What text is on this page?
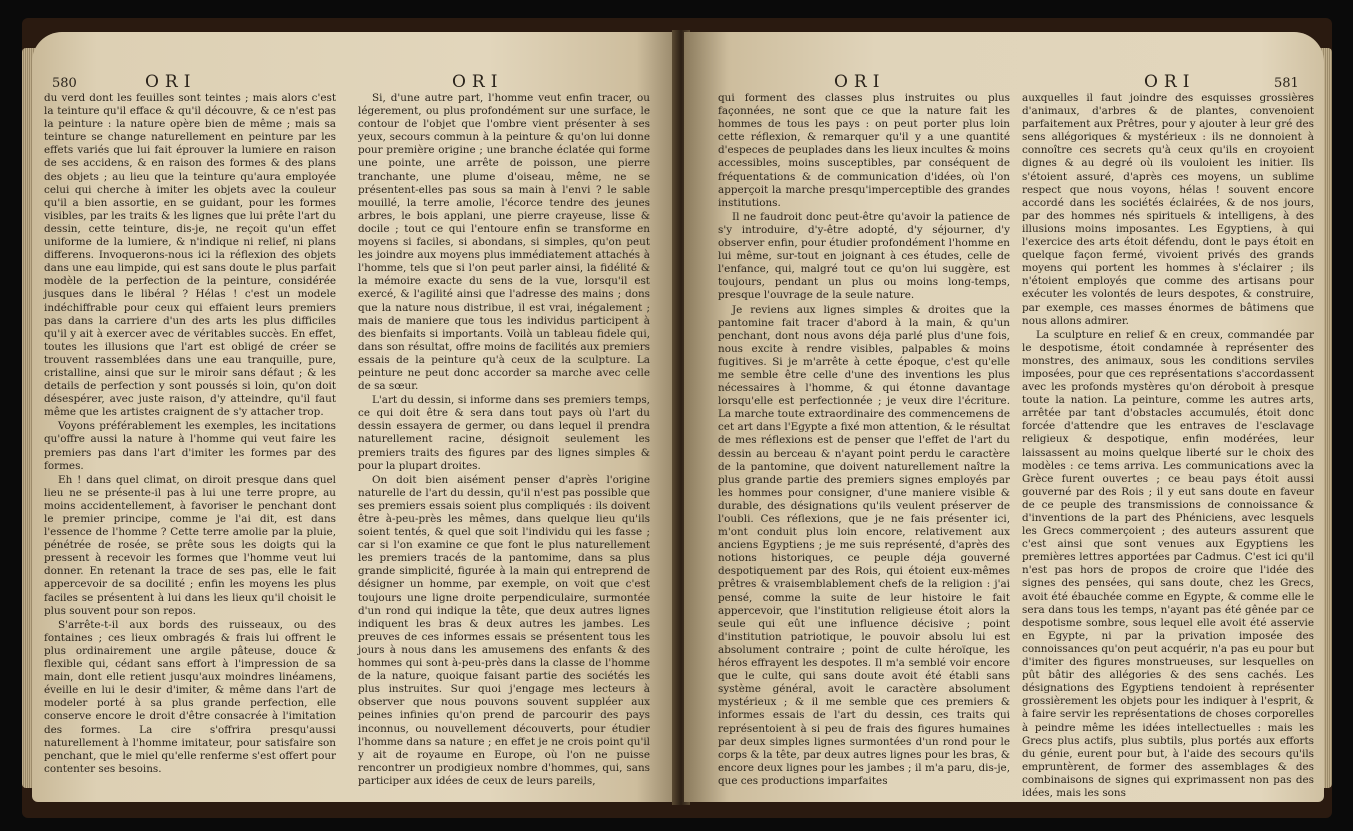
580	ORI	ORI

du verd dont les feuilles sont teintes ; mais alors c'est la teinture qu'il efface & qu'il découvre, & ce n'est pas la peinture : la nature opère bien de même ; mais sa teinture se change naturellement en peinture par les effets variés que lui fait éprouver la lumiere en raison de ses accidens, & en raison des formes & des plans des objets ; au lieu que la teinture qu'aura employée celui qui cherche à imiter les objets avec la couleur qu'il a bien assortie, en se guidant, pour les formes visibles, par les traits & les lignes que lui prête l'art du dessin, cette teinture, dis-je, ne reçoit qu'un effet uniforme de la lumiere, & n'indique ni relief, ni plans differens. Invoquerons-nous ici la réflexion des objets dans une eau limpide, qui est sans doute le plus parfait modèle de la perfection de la peinture, considérée jusques dans le libéral ? Hélas ! c'est un modele indéchiffrable pour ceux qui effaient leurs premiers pas dans la carriere d'un des arts les plus difficiles qu'il y ait à exercer avec de véritables succès. En effet, toutes les illusions que l'art est obligé de créer se trouvent rassemblées dans une eau tranquille, pure, cristalline, ainsi que sur le miroir sans défaut ; & les details de perfection y sont poussés si loin, qu'on doit désespérer, avec juste raison, d'y atteindre, qu'il faut même que les artistes craignent de s'y attacher trop.

Voyons préférablement les exemples, les incitations qu'offre aussi la nature à l'homme qui veut faire les premiers pas dans l'art d'imiter les formes par des formes.

Eh ! dans quel climat, on diroit presque dans quel lieu ne se présente-il pas à lui une terre propre, au moins accidentellement, à favoriser le penchant dont le premier principe, comme je l'ai dit, est dans l'essence de l'homme ? Cette terre amolie par la pluie, pénétrée de rosée, se prête sous les doigts qui la pressent à recevoir les formes que l'homme veut lui donner. En retenant la trace de ses pas, elle le fait appercevoir de sa docilité ; enfin les moyens les plus faciles se présentent à lui dans les lieux qu'il choisit le plus souvent pour son repos.

S'arrête-t-il aux bords des ruisseaux, ou des fontaines ; ces lieux ombragés & frais lui offrent le plus ordinairement une argile pâteuse, douce & flexible qui, cédant sans effort à l'impression de sa main, dont elle retient jusqu'aux moindres linéamens, éveille en lui le desir d'imiter, & même dans l'art de modeler porté à sa plus grande perfection, elle conserve encore le droit d'être consacrée à l'imitation des formes. La cire s'offrira presqu'aussi naturellement à l'homme imitateur, pour satisfaire son penchant, que le miel qu'elle renferme s'est offert pour contenter ses besoins.

Si, d'une autre part, l'homme veut enfin tracer, ou légerement, ou plus profondément sur une surface, le contour de l'objet que l'ombre vient présenter à ses yeux, secours commun à la peinture & qu'on lui donne pour première origine ; une branche éclatée qui forme une pointe, une arrête de poisson, une pierre tranchante, une plume d'oiseau, même, ne se présentent-elles pas sous sa main à l'envi ? le sable mouillé, la terre amolie, l'écorce tendre des jeunes arbres, le bois applani, une pierre crayeuse, lisse & docile ; tout ce qui l'entoure enfin se transforme en moyens si faciles, si abondans, si simples, qu'on peut les joindre aux moyens plus immédiatement attachés à l'homme, tels que si l'on peut parler ainsi, la fidélité & la mémoire exacte du sens de la vue, lorsqu'il est exercé, & l'agilité ainsi que l'adresse des mains ; dons que la nature nous distribue, il est vrai, inégalement ; mais de maniere que tous les individus participent à des bienfaits si importants. Voilà un tableau fidele qui, dans son résultat, offre moins de facilités aux premiers essais de la peinture qu'à ceux de la sculpture. La peinture ne peut donc accorder sa marche avec celle de sa sœur.

L'art du dessin, si informe dans ses premiers temps, ce qui doit être & sera dans tout pays où l'art du dessin essayera de germer, ou dans lequel il prendra naturellement racine, désignoit seulement les premiers traits des figures par des lignes simples & pour la plupart droites.

On doit bien aisément penser d'après l'origine naturelle de l'art du dessin, qu'il n'est pas possible que ses premiers essais soient plus compliqués : ils doivent être à-peu-près les mêmes, dans quelque lieu qu'ils soient tentés, & quel que soit l'individu qui les fasse ; car si l'on examine ce que font le plus naturellement les premiers tracés de la pantomime, dans sa plus grande simplicité, figurée à la main qui entreprend de désigner un homme, par exemple, on voit que c'est toujours une ligne droite perpendiculaire, surmontée d'un rond qui indique la tête, que deux autres lignes indiquent les bras & deux autres les jambes. Les preuves de ces informes essais se présentent tous les jours à nous dans les amusemens des enfants & des hommes qui sont à-peu-près dans la classe de l'homme de la nature, quoique faisant partie des sociétés les plus instruites. Sur quoi j'engage mes lecteurs à observer que nous pouvons souvent suppléer aux peines infinies qu'on prend de parcourir des pays inconnus, ou nouvellement découverts, pour étudier l'homme dans sa nature ; en effet je ne crois point qu'il y ait de royaume en Europe, où l'on ne puisse rencontrer un prodigieux nombre d'hommes, qui, sans participer aux idées de ceux de leurs pareils,

ORI	ORI	581

qui forment des classes plus instruites ou plus façonnées, ne sont que ce que la nature fait les hommes de tous les pays : on peut porter plus loin cette réflexion, & remarquer qu'il y a une quantité d'especes de peuplades dans les lieux incultes & moins accessibles, moins susceptibles, par conséquent de fréquentations & de communication d'idées, où l'on apperçoit la marche presqu'imperceptible des grandes institutions.

Il ne faudroit donc peut-être qu'avoir la patience de s'y introduire, d'y-être adopté, d'y séjourner, d'y observer enfin, pour étudier profondément l'homme en lui même, sur-tout en joignant à ces études, celle de l'enfance, qui, malgré tout ce qu'on lui suggère, est toujours, pendant un plus ou moins long-temps, presque l'ouvrage de la seule nature.

Je reviens aux lignes simples & droites que la pantomine fait tracer d'abord à la main, & qu'un penchant, dont nous avons déja parlé plus d'une fois, nous excite à rendre visibles, palpables & moins fugitives. Si je m'arrête à cette époque, c'est qu'elle me semble être celle d'une des inventions les plus nécessaires à l'homme, & qui étonne davantage lorsqu'elle est perfectionnée ; je veux dire l'écriture. La marche toute extraordinaire des commencemens de cet art dans l'Egypte a fixé mon attention, & le résultat de mes réflexions est de penser que l'effet de l'art du dessin au berceau & n'ayant point perdu le caractère de la pantomine, que doivent naturellement naître la plus grande partie des premiers signes employés par les hommes pour consigner, d'une maniere visible & durable, des désignations qu'ils veulent préserver de l'oubli. Ces réflexions, que je ne fais présenter ici, m'ont conduit plus loin encore, relativement aux anciens Egyptiens ; je me suis représenté, d'après des notions historiques, ce peuple déja gouverné despotiquement par des Rois, qui étoient eux-mêmes prêtres & vraisemblablement chefs de la religion : j'ai pensé, comme la suite de leur histoire le fait appercevoir, que l'institution religieuse étoit alors la seule qui eût une influence décisive ; point d'institution patriotique, le pouvoir absolu lui est absolument contraire ; point de culte héroïque, les héros effrayent les despotes. Il m'a semblé voir encore que le culte, qui sans doute avoit été établi sans système général, avoit le caractère absolument mystérieux ; & il me semble que ces premiers & informes essais de l'art du dessin, ces traits qui représentoient à si peu de frais des figures humaines par deux simples lignes surmontées d'un rond pour le corps & la tête, par deux autres lignes pour les bras, & encore deux lignes pour les jambes ; il m'a paru, dis-je, que ces productions imparfaites

auxquelles il faut joindre des esquisses grossières d'animaux, d'arbres & de plantes, convenoient parfaitement aux Prêtres, pour y ajouter à leur gré des sens allégoriques & mystérieux : ils ne donnoient à connoître ces secrets qu'à ceux qu'ils en croyoient dignes & au degré où ils vouloient les initier. Ils s'étoient assuré, d'après ces moyens, un sublime respect que nous voyons, hélas ! souvent encore accordé dans les sociétés éclairées, & de nos jours, par des hommes nés spirituels & intelligens, à des illusions moins imposantes. Les Egyptiens, à qui l'exercice des arts étoit défendu, dont le pays étoit en quelque façon fermé, vivoient privés des grands moyens qui portent les hommes à s'éclairer ; ils n'étoient employés que comme des artisans pour exécuter les volontés de leurs despotes, & construire, par exemple, ces masses énormes de bâtimens que nous allons admirer.

La sculpture en relief & en creux, commandée par le despotisme, étoit condamnée à représenter des monstres, des animaux, sous les conditions serviles imposées, pour que ces représentations s'accordassent avec les profonds mystères qu'on déroboit à presque toute la nation. La peinture, comme les autres arts, arrêtée par tant d'obstacles accumulés, étoit donc forcée d'attendre que les entraves de l'esclavage religieux & despotique, enfin modérées, leur laissassent au moins quelque liberté sur le choix des modèles : ce tems arriva. Les communications avec la Grèce furent ouvertes ; ce beau pays étoit aussi gouverné par des Rois ; il y eut sans doute en faveur de ce peuple des transmissions de connoissance & d'inventions de la part des Phéniciens, avec lesquels les Grecs commerçoient ; des auteurs assurent que c'est ainsi que sont venues aux Egyptiens les premières lettres apportées par Cadmus. C'est ici qu'il n'est pas hors de propos de croire que l'idée des signes des pensées, qui sans doute, chez les Grecs, avoit été ébauchée comme en Egypte, & comme elle le sera dans tous les temps, n'ayant pas été gênée par ce despotisme sombre, sous lequel elle avoit été asservie en Egypte, ni par la privation imposée des connoissances qu'on peut acquérir, n'a pas eu pour but d'imiter des figures monstrueuses, sur lesquelles on pût bâtir des allégories & des sens cachés. Les désignations des Egyptiens tendoient à représenter grossièrement les objets pour les indiquer à l'esprit, & à faire servir les représentations de choses corporelles à peindre même les idées intellectuelles : mais les Grecs plus actifs, plus subtils, plus portés aux efforts du génie, eurent pour but, à l'aide des secours qu'ils empruntèrent, de former des assemblages & des combinaisons de signes qui exprimassent non pas des idées, mais les sons
